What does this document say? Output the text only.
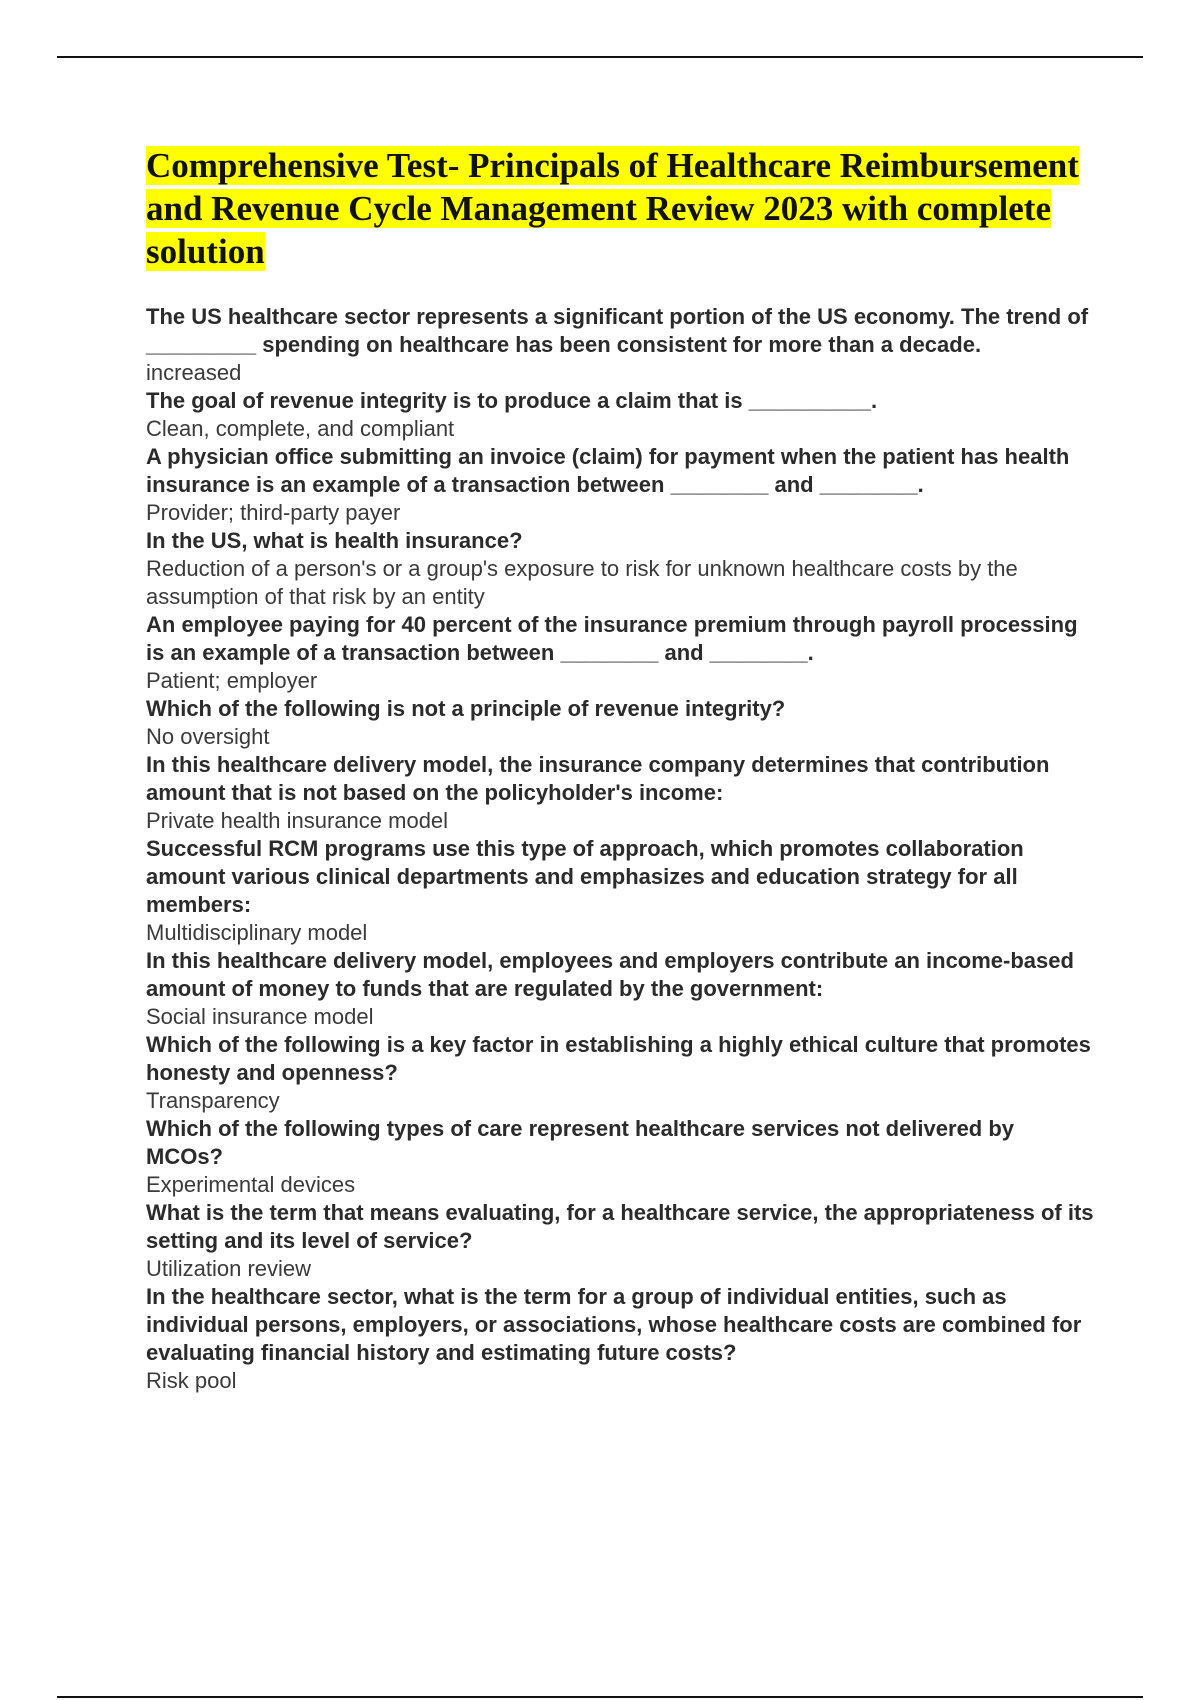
Comprehensive Test- Principals of Healthcare Reimbursement and Revenue Cycle Management Review 2023 with complete solution

The US healthcare sector represents a significant portion of the US economy. The trend of _________ spending on healthcare has been consistent for more than a decade.

increased

The goal of revenue integrity is to produce a claim that is __________.

Clean, complete, and compliant

A physician office submitting an invoice (claim) for payment when the patient has health insurance is an example of a transaction between ________ and ________.

Provider; third-party payer

In the US, what is health insurance?

Reduction of a person's or a group's exposure to risk for unknown healthcare costs by the assumption of that risk by an entity

An employee paying for 40 percent of the insurance premium through payroll processing is an example of a transaction between ________ and ________.

Patient; employer

Which of the following is not a principle of revenue integrity?

No oversight

In this healthcare delivery model, the insurance company determines that contribution amount that is not based on the policyholder's income:

Private health insurance model

Successful RCM programs use this type of approach, which promotes collaboration amount various clinical departments and emphasizes and education strategy for all members:

Multidisciplinary model

In this healthcare delivery model, employees and employers contribute an income-based amount of money to funds that are regulated by the government:

Social insurance model

Which of the following is a key factor in establishing a highly ethical culture that promotes honesty and openness?

Transparency

Which of the following types of care represent healthcare services not delivered by MCOs?

Experimental devices

What is the term that means evaluating, for a healthcare service, the appropriateness of its setting and its level of service?

Utilization review

In the healthcare sector, what is the term for a group of individual entities, such as individual persons, employers, or associations, whose healthcare costs are combined for evaluating financial history and estimating future costs?

Risk pool
